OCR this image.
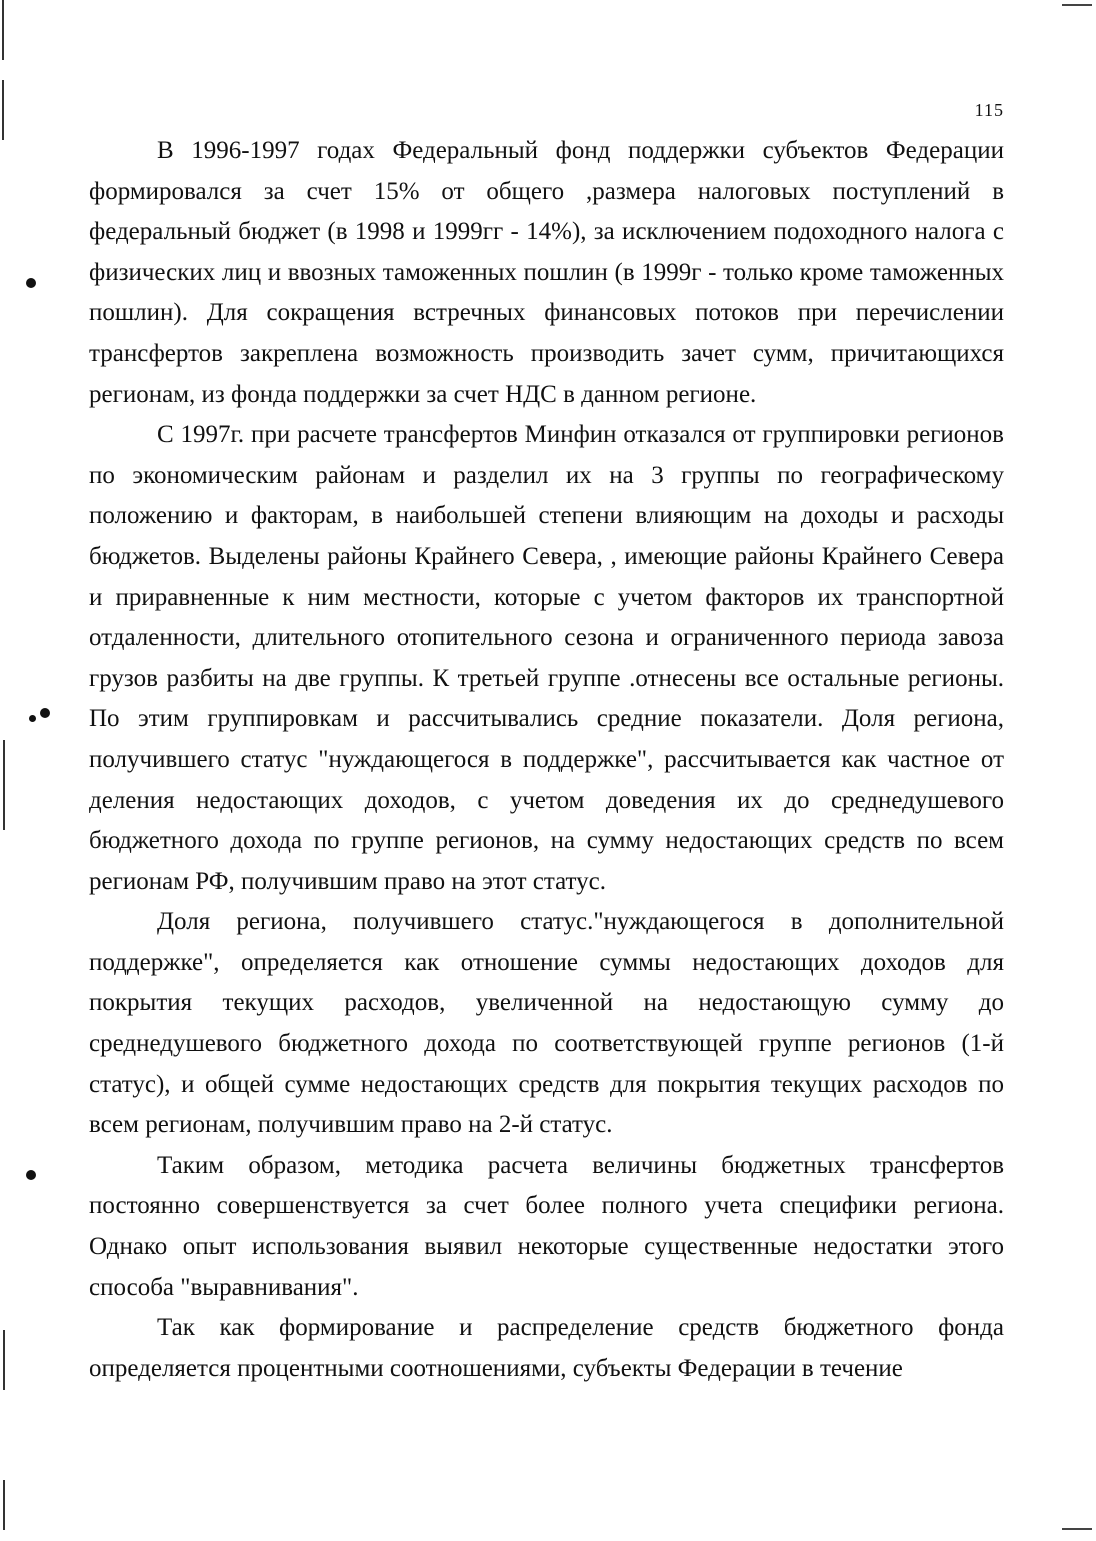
115

В 1996-1997 годах Федеральный фонд поддержки субъектов Федерации формировался за счет 15% от общего ,размера налоговых поступлений в федеральный бюджет (в 1998 и 1999гг - 14%), за исключением подоходного налога с физических лиц и ввозных таможенных пошлин (в 1999г - только кроме таможенных пошлин). Для сокращения встречных финансовых потоков при перечислении трансфертов закреплена возможность производить зачет сумм, причитающихся регионам, из фонда поддержки за счет НДС в данном регионе.

С 1997г. при расчете трансфертов Минфин отказался от группировки регионов по экономическим районам и разделил их на 3 группы по географическому положению и факторам, в наибольшей степени влияющим на доходы и расходы бюджетов. Выделены районы Крайнего Севера, , имеющие районы Крайнего Севера и приравненные к ним местности, которые с учетом факторов их транспортной отдаленности, длительного отопительного сезона и ограниченного периода завоза грузов разбиты на две группы. К третьей группе .отнесены все остальные регионы. По этим группировкам и рассчитывались средние показатели. Доля региона, получившего статус "нуждающегося в поддержке", рассчитывается как частное от деления недостающих доходов, с учетом доведения их до среднедушевого бюджетного дохода по группе регионов, на сумму недостающих средств по всем регионам РФ, получившим право на этот статус.

Доля региона, получившего статус."нуждающегося в дополнительной поддержке", определяется как отношение суммы недостающих доходов для покрытия текущих расходов, увеличенной на недостающую сумму до среднедушевого бюджетного дохода по соответствующей группе регионов (1-й статус), и общей сумме недостающих средств для покрытия текущих расходов по всем регионам, получившим право на 2-й статус.

Таким образом, методика расчета величины бюджетных трансфертов постоянно совершенствуется за счет более полного учета специфики региона. Однако опыт использования выявил некоторые существенные недостатки этого способа "выравнивания".

Так как формирование и распределение средств бюджетного фонда определяется процентными соотношениями, субъекты Федерации в течение
